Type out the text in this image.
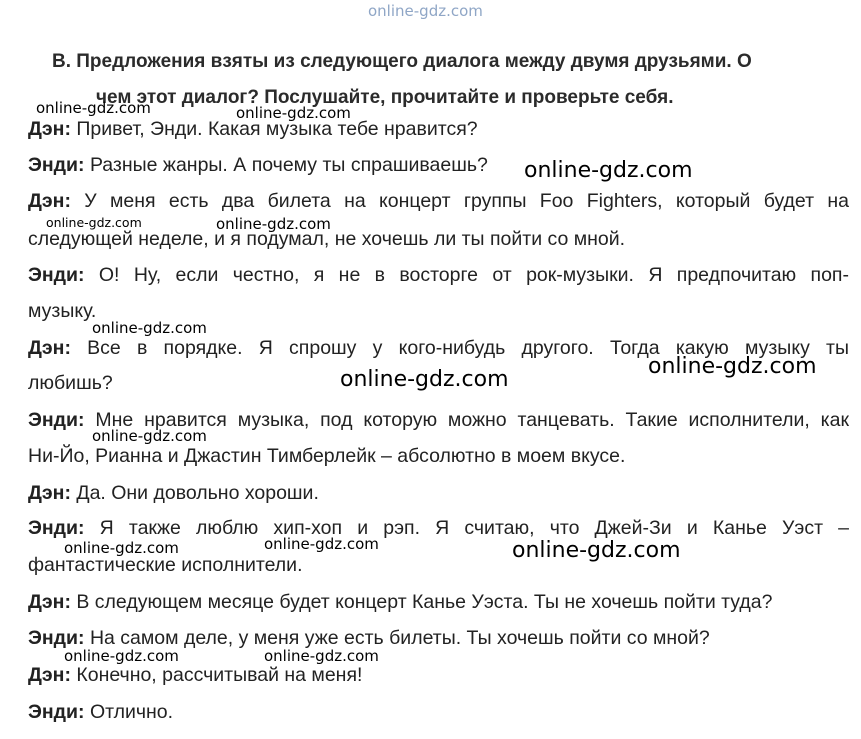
online-gdz.com
B. Предложения взяты из следующего диалога между двумя друзьями. О
чем этот диалог? Послушайте, прочитайте и проверьте себя.
Дэн: Привет, Энди. Какая музыка тебе нравится?
Энди: Разные жанры. А почему ты спрашиваешь?
Дэн: У меня есть два билета на концерт группы Foo Fighters, который будет на
следующей неделе, и я подумал, не хочешь ли ты пойти со мной.
Энди: О! Ну, если честно, я не в восторге от рок-музыки. Я предпочитаю поп-
музыку.
Дэн: Все в порядке. Я спрошу у кого-нибудь другого. Тогда какую музыку ты
любишь?
Энди: Мне нравится музыка, под которую можно танцевать. Такие исполнители, как
Ни-Йо, Рианна и Джастин Тимберлейк – абсолютно в моем вкусе.
Дэн: Да. Они довольно хороши.
Энди: Я также люблю хип-хоп и рэп. Я считаю, что Джей-Зи и Канье Уэст –
фантастические исполнители.
Дэн: В следующем месяце будет концерт Канье Уэста. Ты не хочешь пойти туда?
Энди: На самом деле, у меня уже есть билеты. Ты хочешь пойти со мной?
Дэн: Конечно, рассчитывай на меня!
Энди: Отлично.
online-gdz.com	online-gdz.com
online-gdz.com
online-gdz.com	online-gdz.com
online-gdz.com
online-gdz.com
online-gdz.com
online-gdz.com
online-gdz.com	online-gdz.com	online-gdz.com
online-gdz.com	online-gdz.com
